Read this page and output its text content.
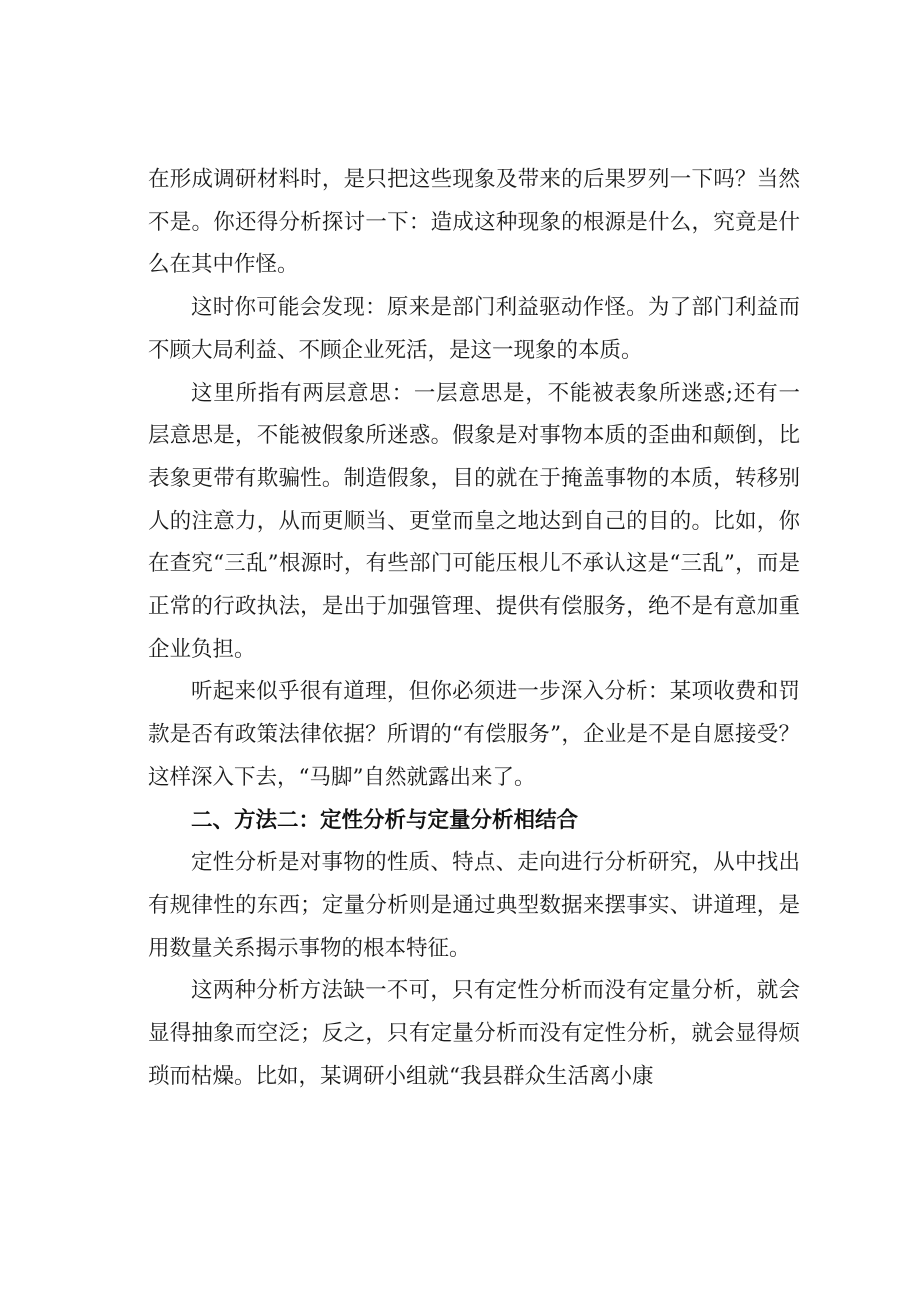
在形成调研材料时，是只把这些现象及带来的后果罗列一下吗？当然不是。你还得分析探讨一下：造成这种现象的根源是什么，究竟是什么在其中作怪。

这时你可能会发现：原来是部门利益驱动作怪。为了部门利益而不顾大局利益、不顾企业死活，是这一现象的本质。

这里所指有两层意思：一层意思是，不能被表象所迷惑;还有一层意思是，不能被假象所迷惑。假象是对事物本质的歪曲和颠倒，比表象更带有欺骗性。制造假象，目的就在于掩盖事物的本质，转移别人的注意力，从而更顺当、更堂而皇之地达到自己的目的。比如，你在查究“三乱”根源时，有些部门可能压根儿不承认这是“三乱”，而是正常的行政执法，是出于加强管理、提供有偿服务，绝不是有意加重企业负担。

听起来似乎很有道理，但你必须进一步深入分析：某项收费和罚款是否有政策法律依据？所谓的“有偿服务”，企业是不是自愿接受？这样深入下去，“马脚”自然就露出来了。

二、方法二：定性分析与定量分析相结合

定性分析是对事物的性质、特点、走向进行分析研究，从中找出有规律性的东西；定量分析则是通过典型数据来摆事实、讲道理，是用数量关系揭示事物的根本特征。

这两种分析方法缺一不可，只有定性分析而没有定量分析，就会显得抽象而空泛；反之，只有定量分析而没有定性分析，就会显得烦琐而枯燥。比如，某调研小组就“我县群众生活离小康
